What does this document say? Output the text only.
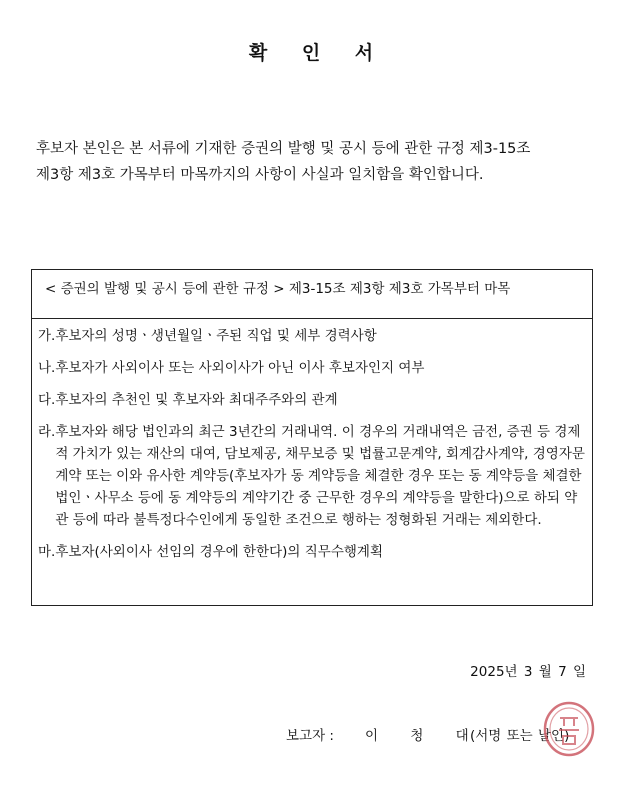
확 인 서

후보자 본인은 본 서류에 기재한 증권의 발행 및 공시 등에 관한 규정 제3-15조

제3항 제3호 가목부터 마목까지의 사항이 사실과 일치함을 확인합니다.

< 증권의 발행 및 공시 등에 관한 규정 > 제3-15조 제3항 제3호 가목부터 마목
가. 후보자의 성명ㆍ생년월일ㆍ주된 직업 및 세부 경력사항
나. 후보자가 사외이사 또는 사외이사가 아닌 이사 후보자인지 여부
다. 후보자의 추천인 및 후보자와 최대주주와의 관계
라. 후보자와 해당 법인과의 최근 3년간의 거래내역. 이 경우의 거래내역은 금전, 증권 등 경제적 가치가 있는 재산의 대여, 담보제공, 채무보증 및 법률고문계약, 회계감사계약, 경영자문계약 또는 이와 유사한 계약등(후보자가 동 계약등을 체결한 경우 또는 동 계약등을 체결한 법인ㆍ사무소 등에 동 계약등의 계약기간 중 근무한 경우의 계약등을 말한다)으로 하되 약관 등에 따라 불특정다수인에게 동일한 조건으로 행하는 정형화된 거래는 제외한다.
마. 후보자(사외이사 선임의 경우에 한한다)의 직무수행계획
2025년 3 월 7 일
보고자 : 이 청 대
(서명 또는 날인)
